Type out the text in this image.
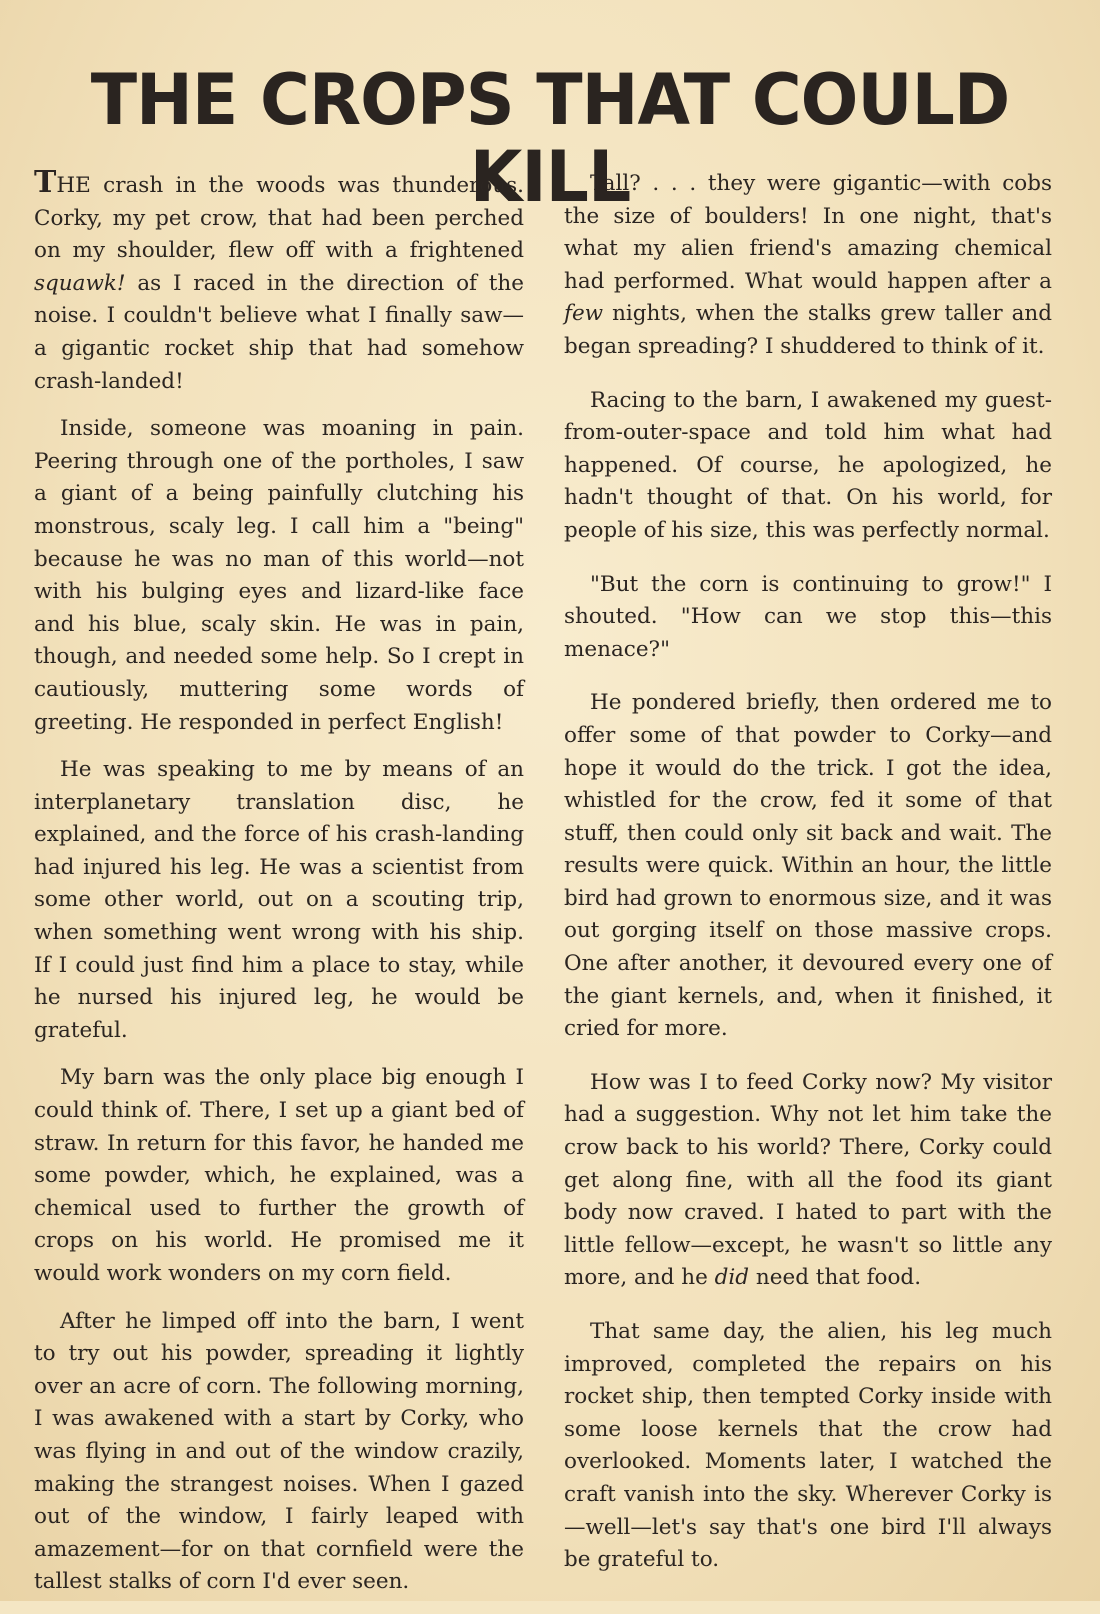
THE CROPS THAT COULD KILL

THE crash in the woods was thunderous. Corky, my pet crow, that had been perched on my shoulder, flew off with a frightened squawk! as I raced in the direction of the noise. I couldn't believe what I finally saw—a gigantic rocket ship that had somehow crash-landed!

Inside, someone was moaning in pain. Peering through one of the portholes, I saw a giant of a being painfully clutching his monstrous, scaly leg. I call him a "being" because he was no man of this world—not with his bulging eyes and lizard-like face and his blue, scaly skin. He was in pain, though, and needed some help. So I crept in cautiously, muttering some words of greeting. He responded in perfect English!

He was speaking to me by means of an interplanetary translation disc, he explained, and the force of his crash-landing had injured his leg. He was a scientist from some other world, out on a scouting trip, when something went wrong with his ship. If I could just find him a place to stay, while he nursed his injured leg, he would be grateful.

My barn was the only place big enough I could think of. There, I set up a giant bed of straw. In return for this favor, he handed me some powder, which, he explained, was a chemical used to further the growth of crops on his world. He promised me it would work wonders on my corn field.

After he limped off into the barn, I went to try out his powder, spreading it lightly over an acre of corn. The following morning, I was awakened with a start by Corky, who was flying in and out of the window crazily, making the strangest noises. When I gazed out of the window, I fairly leaped with amazement—for on that cornfield were the tallest stalks of corn I'd ever seen.

Tall? . . . they were gigantic—with cobs the size of boulders! In one night, that's what my alien friend's amazing chemical had performed. What would happen after a few nights, when the stalks grew taller and began spreading? I shuddered to think of it.

Racing to the barn, I awakened my guest-from-outer-space and told him what had happened. Of course, he apologized, he hadn't thought of that. On his world, for people of his size, this was perfectly normal.

"But the corn is continuing to grow!" I shouted. "How can we stop this—this menace?"

He pondered briefly, then ordered me to offer some of that powder to Corky—and hope it would do the trick. I got the idea, whistled for the crow, fed it some of that stuff, then could only sit back and wait. The results were quick. Within an hour, the little bird had grown to enormous size, and it was out gorging itself on those massive crops. One after another, it devoured every one of the giant kernels, and, when it finished, it cried for more.

How was I to feed Corky now? My visitor had a suggestion. Why not let him take the crow back to his world? There, Corky could get along fine, with all the food its giant body now craved. I hated to part with the little fellow—except, he wasn't so little any more, and he did need that food.

That same day, the alien, his leg much improved, completed the repairs on his rocket ship, then tempted Corky inside with some loose kernels that the crow had overlooked. Moments later, I watched the craft vanish into the sky. Wherever Corky is—well—let's say that's one bird I'll always be grateful to.
